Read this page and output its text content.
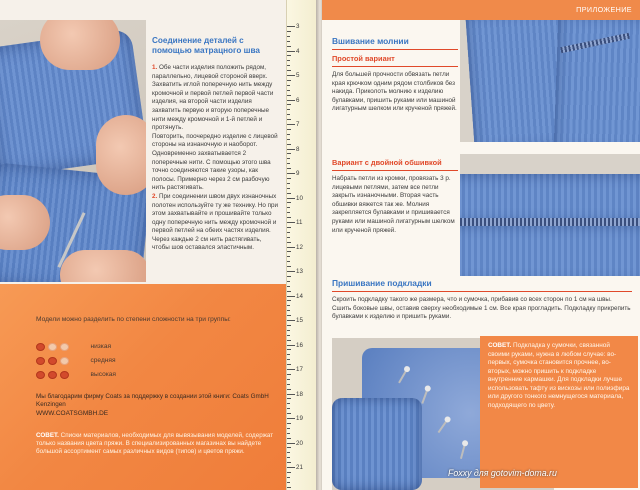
Соединение деталей с помощью матрацного шва

1. Обе части изделия положить рядом, параллельно, лицевой стороной вверх. Захватить иглой поперечную нить между кромочной и первой петлей первой части изделия, на второй части изделия захватить первую и вторую поперечные нити между кромочной и 1-й петлей и протянуть.

Повторить, поочередно изделие с лицевой стороны на изнаночную и наоборот. Одновременно захватывается 2 поперечные нити. С помощью этого шва точно соединяются такие узоры, как полосы. Примерно через 2 см разбочую нить растягивать.

2. При соединении швом двух изнаночных полотен используйте ту же технику. Но при этом захватывайте и прошивайте только одну поперечную нить между кромочной и первой петлей на обеих частях изделия. Через каждые 2 см нить растягивать, чтобы шов оставался эластичным.

Модели можно разделить по степени сложности на три группы:
низкая
средняя
высокая
Мы благодарим фирму Coats за поддержку в создании этой книги: Coats GmbH Kenzingen
WWW.COATSGMBH.DE
СОВЕТ. Списки материалов, необходимых для вывязывания моделей, содержат только названия цвета пряжи. В специализированных магазинах вы найдете большой ассортимент самых различных видов (типов) и цветов пряжи.
3
4
5
6
7
8
9
10
11
12
13
14
15
16
17
18
19
20
21
ПРИЛОЖЕНИЕ
Вшивание молнии
Простой вариант
Для большей прочности обвязать петли края крючком одним рядом столбиков без накида. Приколоть молнию к изделию булавками, пришить руками или машиной лигатурным шелком или крученой пряжей.
Вариант с двойной обшивкой
Набрать петли из кромки, провязать 3 р. лицевыми петлями, затем все петли закрыть изнаночными. Вторая часть обшивки вяжется так же. Молния закрепляется булавками и пришивается руками или машиной лигатурным шелком или крученой пряжей.
Пришивание подкладки
Скроить подкладку такого же размера, что и сумочка, прибавив со всех сторон по 1 см на швы. Сшить боковые швы, оставив сверху необходимые 1 см. Все края прогладить. Подкладку прикрепить булавками к изделию и пришить руками.
СОВЕТ. Подкладка у сумочки, связанной своими руками, нужна в любом случае: во-первых, сумочка становится прочнее, во-вторых, можно пришить к подкладке внутренние кармашки. Для подкладки лучше использовать тафту из вискозы или полиэфира или другого тонкого немнущегося материала, подходящего по цвету.
Foxxy для gotovim-doma.ru
